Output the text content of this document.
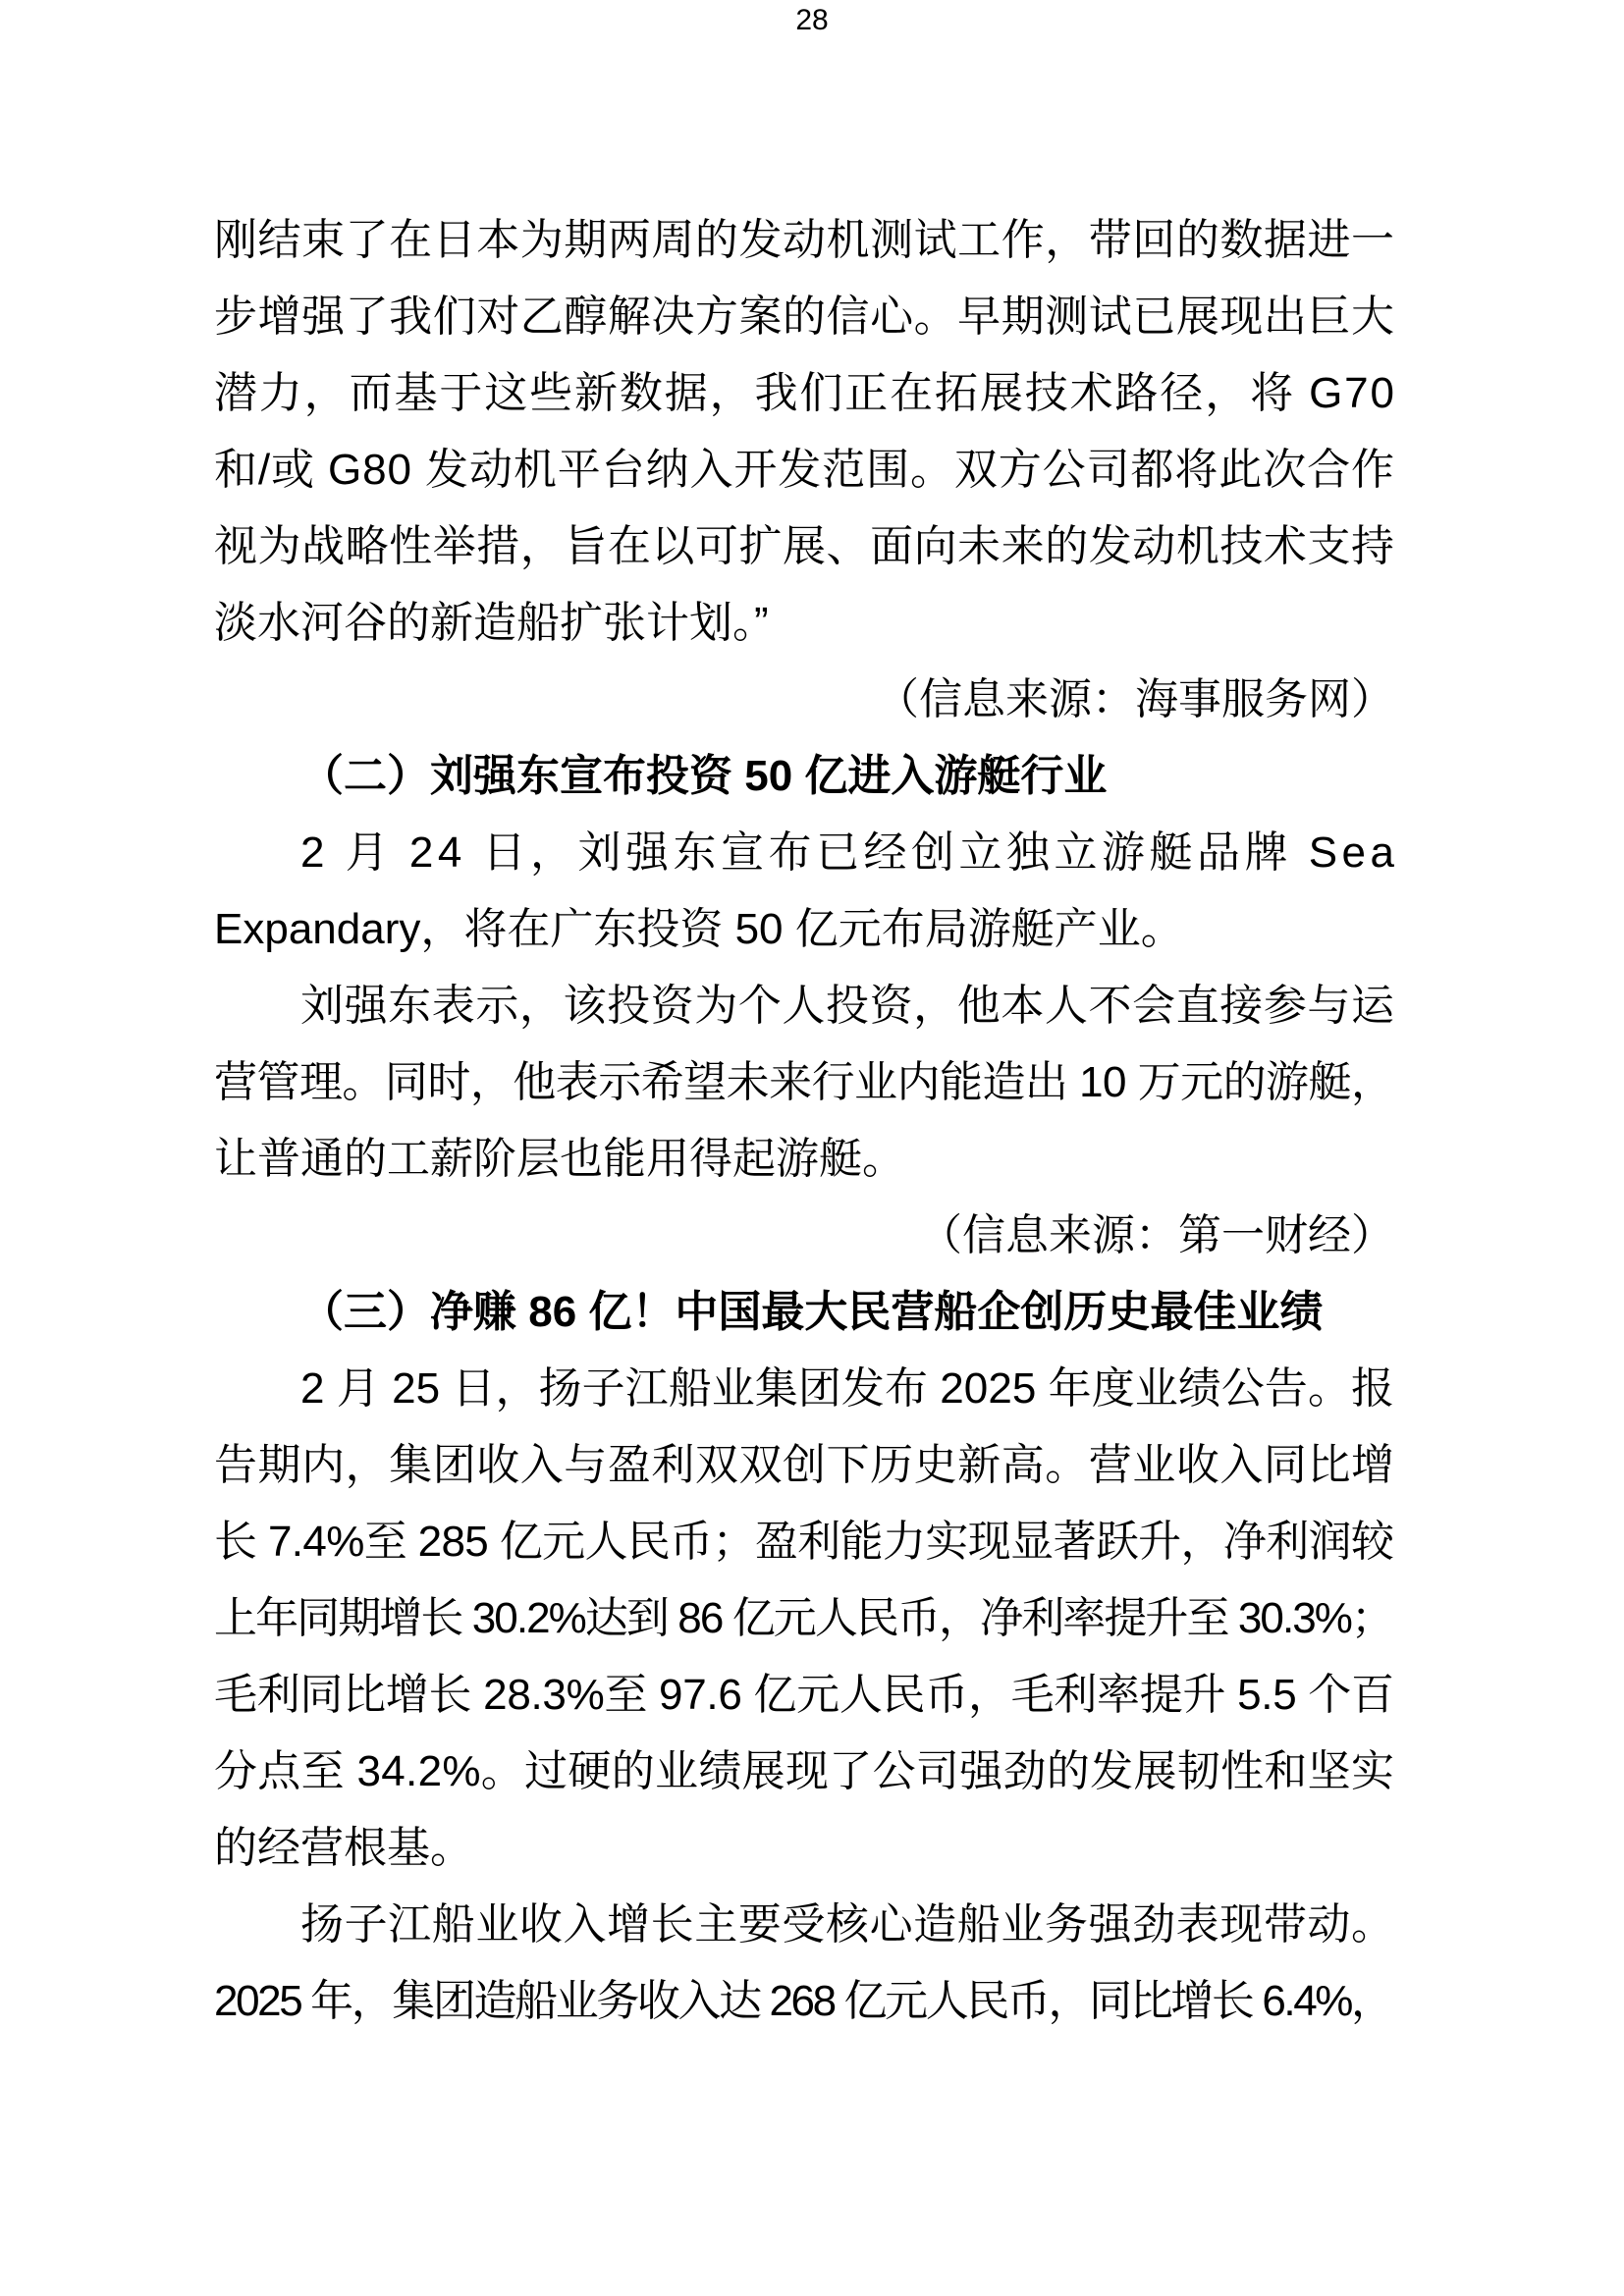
28
刚结束了在日本为期两周的发动机测试工作，带回的数据进一
步增强了我们对乙醇解决方案的信心。早期测试已展现出巨大
潜力，而基于这些新数据，我们正在拓展技术路径，将 G70
和/或 G80 发动机平台纳入开发范围。双方公司都将此次合作
视为战略性举措，旨在以可扩展、面向未来的发动机技术支持
淡水河谷的新造船扩张计划。”
（信息来源：海事服务网）
（二）刘强东宣布投资 50 亿进入游艇行业
2 月 24 日，刘强东宣布已经创立独立游艇品牌 Sea
Expandary，将在广东投资 50 亿元布局游艇产业。
刘强东表示，该投资为个人投资，他本人不会直接参与运
营管理。同时，他表示希望未来行业内能造出 10 万元的游艇，
让普通的工薪阶层也能用得起游艇。
（信息来源：第一财经）
（三）净赚 86 亿！中国最大民营船企创历史最佳业绩
2 月 25 日，扬子江船业集团发布 2025 年度业绩公告。报
告期内，集团收入与盈利双双创下历史新高。营业收入同比增
长 7.4%至 285 亿元人民币；盈利能力实现显著跃升，净利润较
上年同期增长 30.2%达到 86 亿元人民币，净利率提升至 30.3%；
毛利同比增长 28.3%至 97.6 亿元人民币，毛利率提升 5.5 个百
分点至 34.2%。过硬的业绩展现了公司强劲的发展韧性和坚实
的经营根基。
扬子江船业收入增长主要受核心造船业务强劲表现带动。
2025 年，集团造船业务收入达 268 亿元人民币，同比增长 6.4%，
